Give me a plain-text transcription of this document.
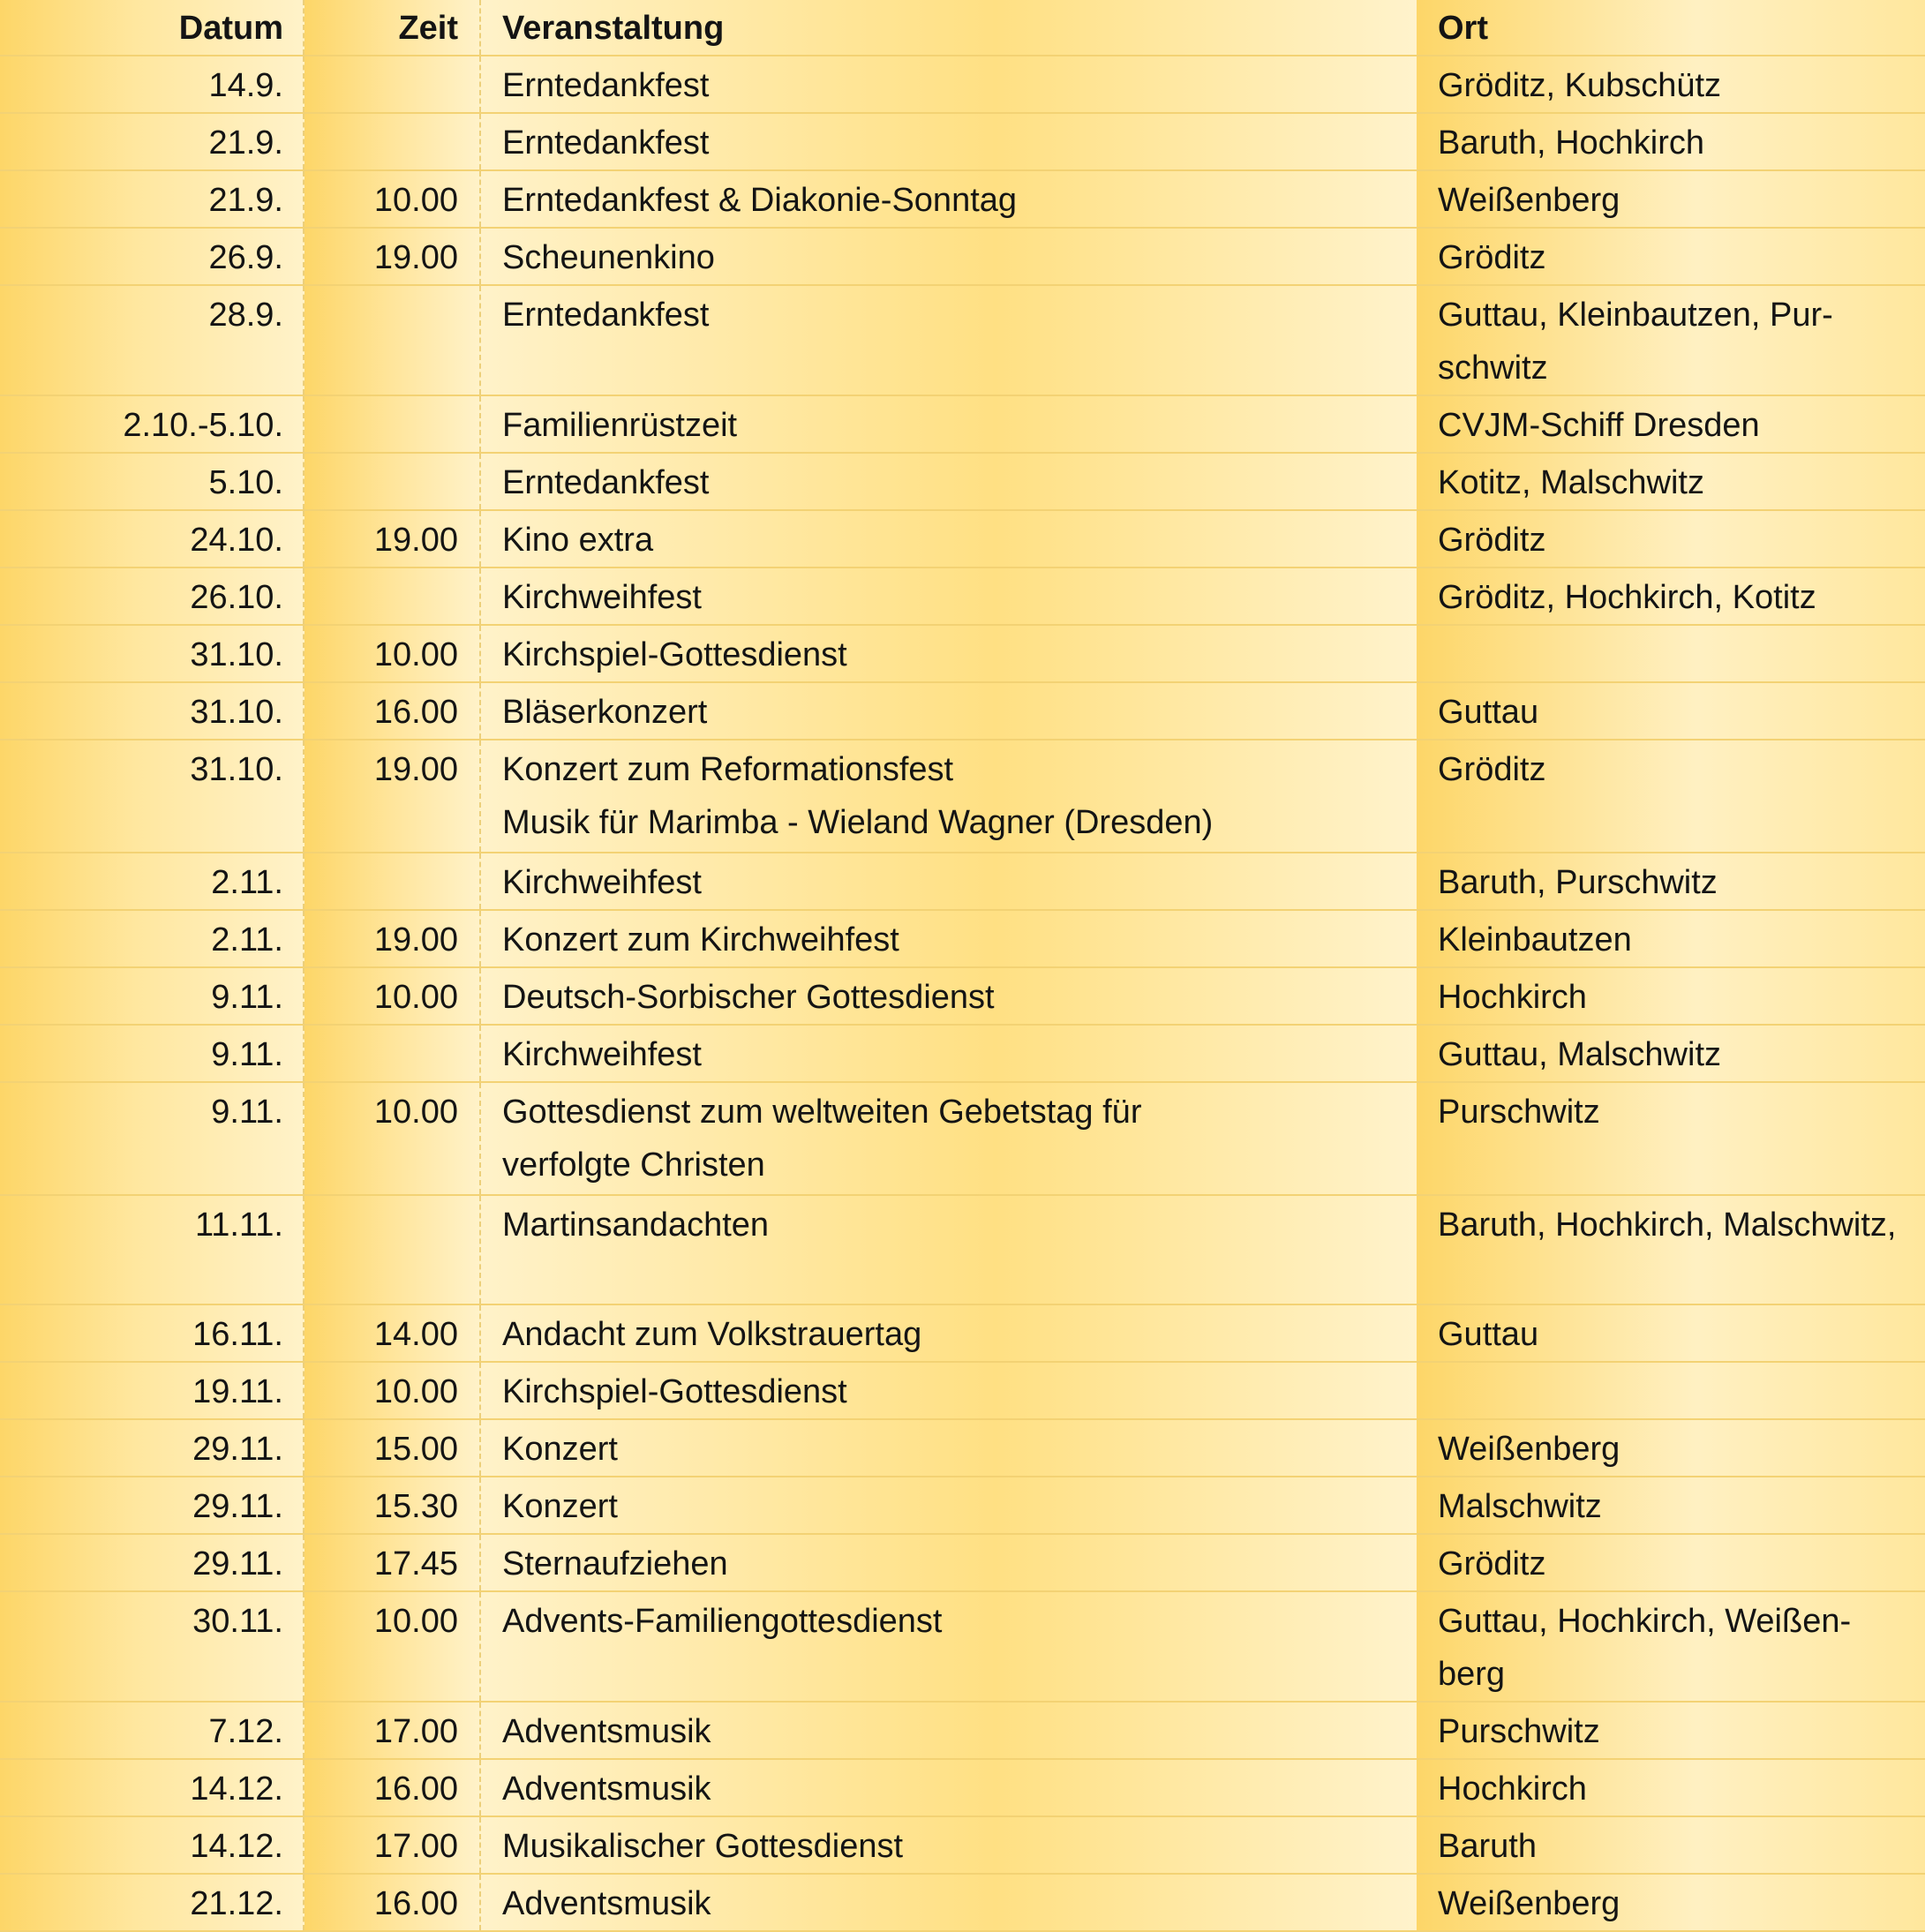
Datum	Zeit	Veranstaltung	Ort
14.9.		Erntedankfest	Gröditz, Kubschütz
21.9.		Erntedankfest	Baruth, Hochkirch
21.9.	10.00	Erntedankfest & Diakonie-Sonntag	Weißenberg
26.9.	19.00	Scheunenkino	Gröditz
28.9.		Erntedankfest	Guttau, Kleinbautzen, Pur-
schwitz
2.10.-5.10.		Familienrüstzeit	CVJM-Schiff Dresden
5.10.		Erntedankfest	Kotitz, Malschwitz
24.10.	19.00	Kino extra	Gröditz
26.10.		Kirchweihfest	Gröditz, Hochkirch, Kotitz
31.10.	10.00	Kirchspiel-Gottesdienst	
31.10.	16.00	Bläserkonzert	Guttau
31.10.	19.00	Konzert zum Reformationsfest
Musik für Marimba - Wieland Wagner (Dresden)	Gröditz
2.11.		Kirchweihfest	Baruth, Purschwitz
2.11.	19.00	Konzert zum Kirchweihfest	Kleinbautzen
9.11.	10.00	Deutsch-Sorbischer Gottesdienst	Hochkirch
9.11.		Kirchweihfest	Guttau, Malschwitz
9.11.	10.00	Gottesdienst zum weltweiten Gebetstag für
verfolgte Christen	Purschwitz
11.11.		Martinsandachten	Baruth, Hochkirch, Malschwitz,
16.11.	14.00	Andacht zum Volkstrauertag	Guttau
19.11.	10.00	Kirchspiel-Gottesdienst	
29.11.	15.00	Konzert	Weißenberg
29.11.	15.30	Konzert	Malschwitz
29.11.	17.45	Sternaufziehen	Gröditz
30.11.	10.00	Advents-Familiengottesdienst	Guttau, Hochkirch, Weißen-
berg
7.12.	17.00	Adventsmusik	Purschwitz
14.12.	16.00	Adventsmusik	Hochkirch
14.12.	17.00	Musikalischer Gottesdienst	Baruth
21.12.	16.00	Adventsmusik	Weißenberg
